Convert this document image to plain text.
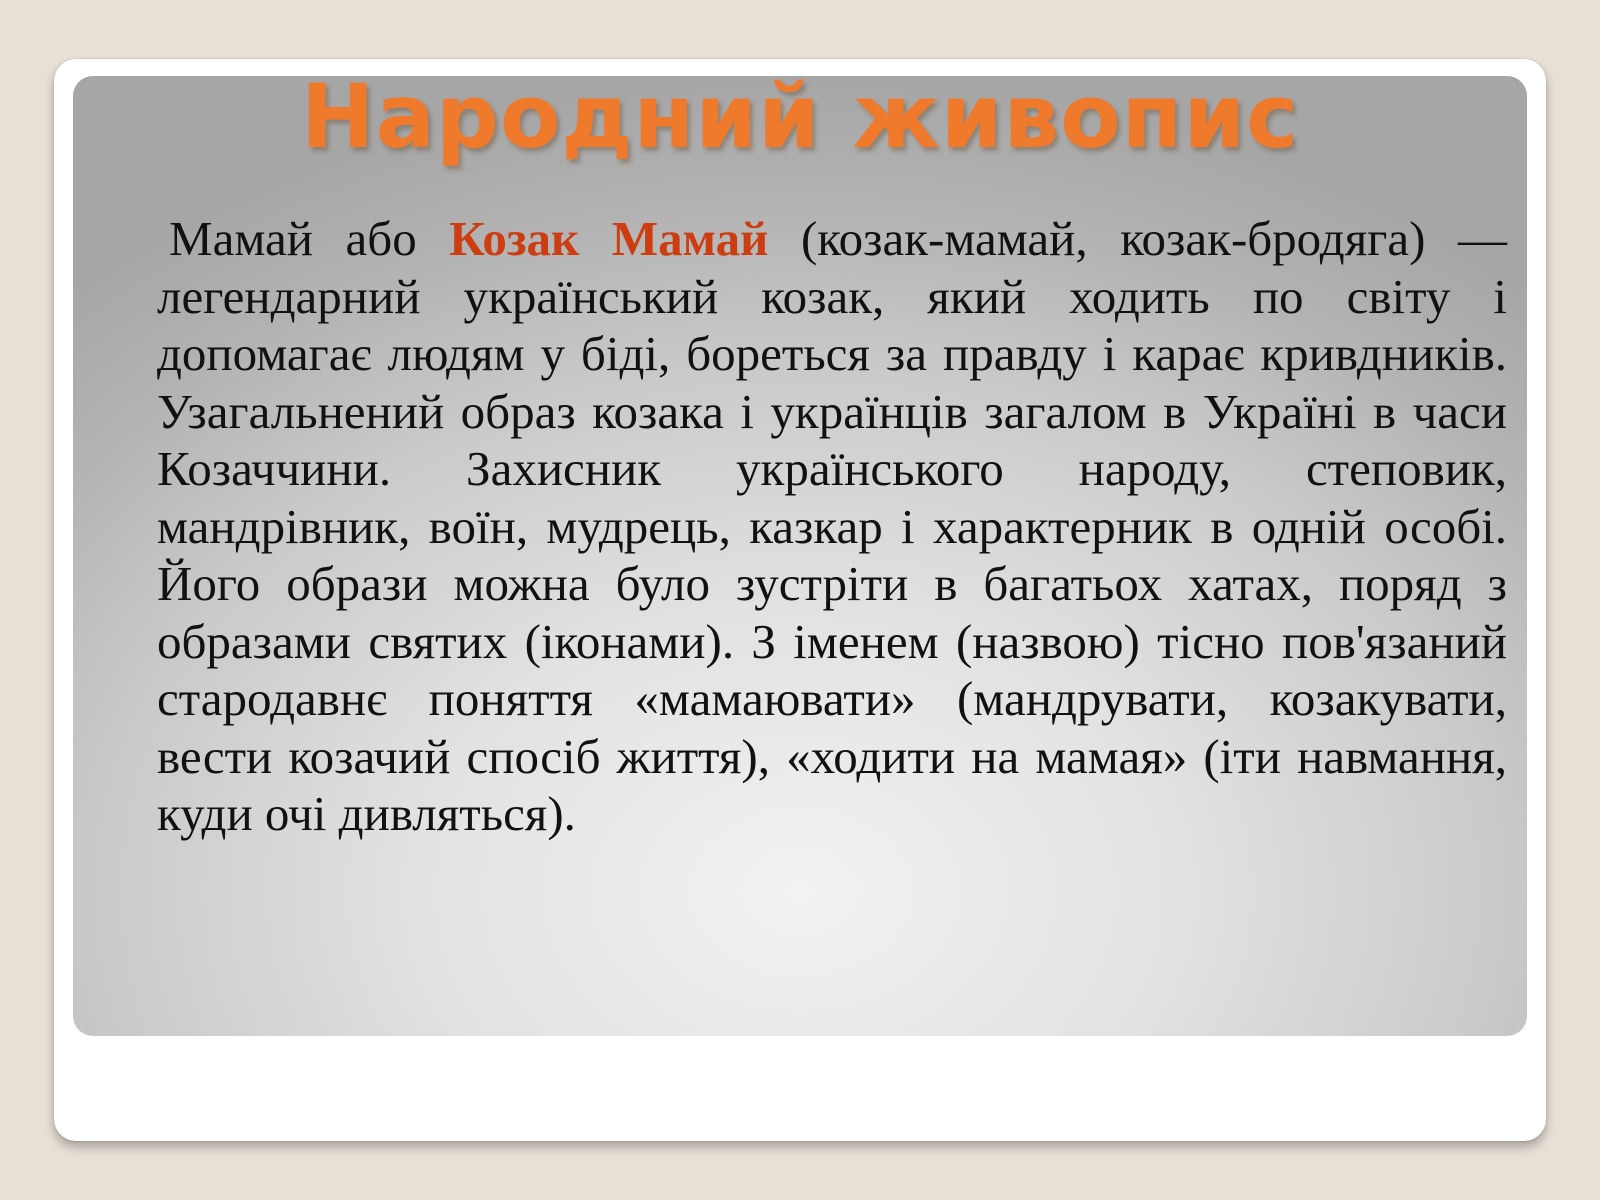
Народний живопис

Мамай або Козак Мамай (козак-мамай, козак-бродяга) — легендарний український козак, який ходить по світу і допомагає людям у біді, бореться за правду і карає кривдників. Узагальнений образ козака і українців загалом в Україні в часи Козаччини. Захисник українського народу, степовик, мандрівник, воїн, мудрець, казкар і характерник в одній особі. Його образи можна було зустріти в багатьох хатах, поряд з образами святих (іконами). З іменем (назвою) тісно пов'язаний стародавнє поняття «мамаювати» (мандрувати, козакувати, вести козачий спосіб життя), «ходити на мамая» (іти навмання, куди очі дивляться).
